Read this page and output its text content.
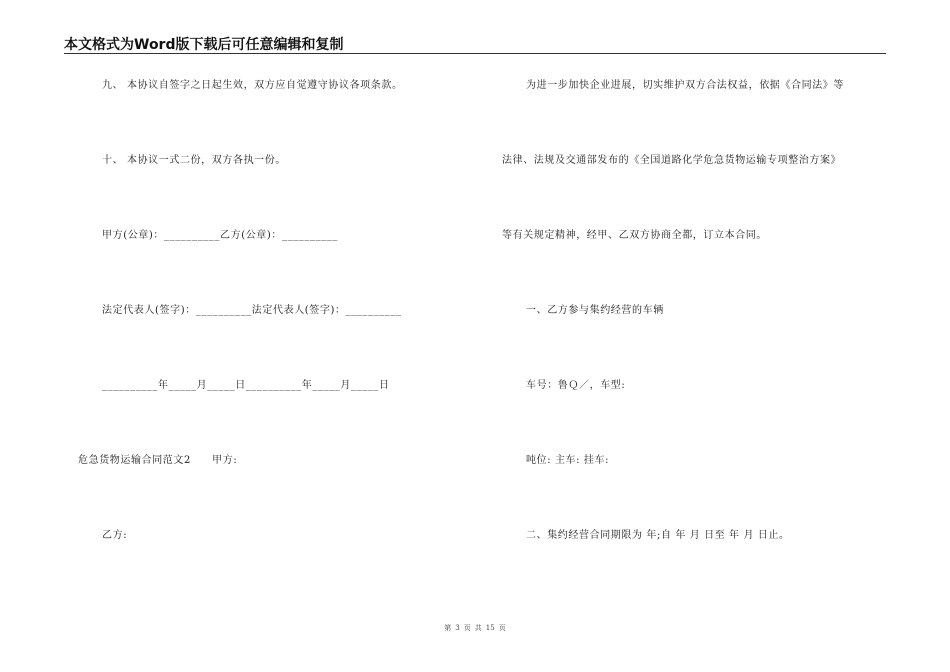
本文格式为Word版下载后可任意编辑和复制
九、 本协议自签字之日起生效，双方应自觉遵守协议各项条款。
十、 本协议一式二份，双方各执一份。
甲方(公章)：__________乙方(公章)：__________
法定代表人(签字)：__________法定代表人(签字)：__________
__________年_____月_____日__________年_____月_____日
危急货物运输合同范文2　　甲方:
乙方:
为进一步加快企业进展，切实维护双方合法权益，依据《合同法》等
法律、法规及交通部发布的《全国道路化学危急货物运输专项整治方案》
等有关规定精神，经甲、乙双方协商全都，订立本合同。
一、乙方参与集约经营的车辆
车号：鲁Ｑ／，车型:
吨位: 主车: 挂车:
二、集约经营合同期限为 年;自 年 月 日至 年 月 日止。
第 3 页 共 15 页
